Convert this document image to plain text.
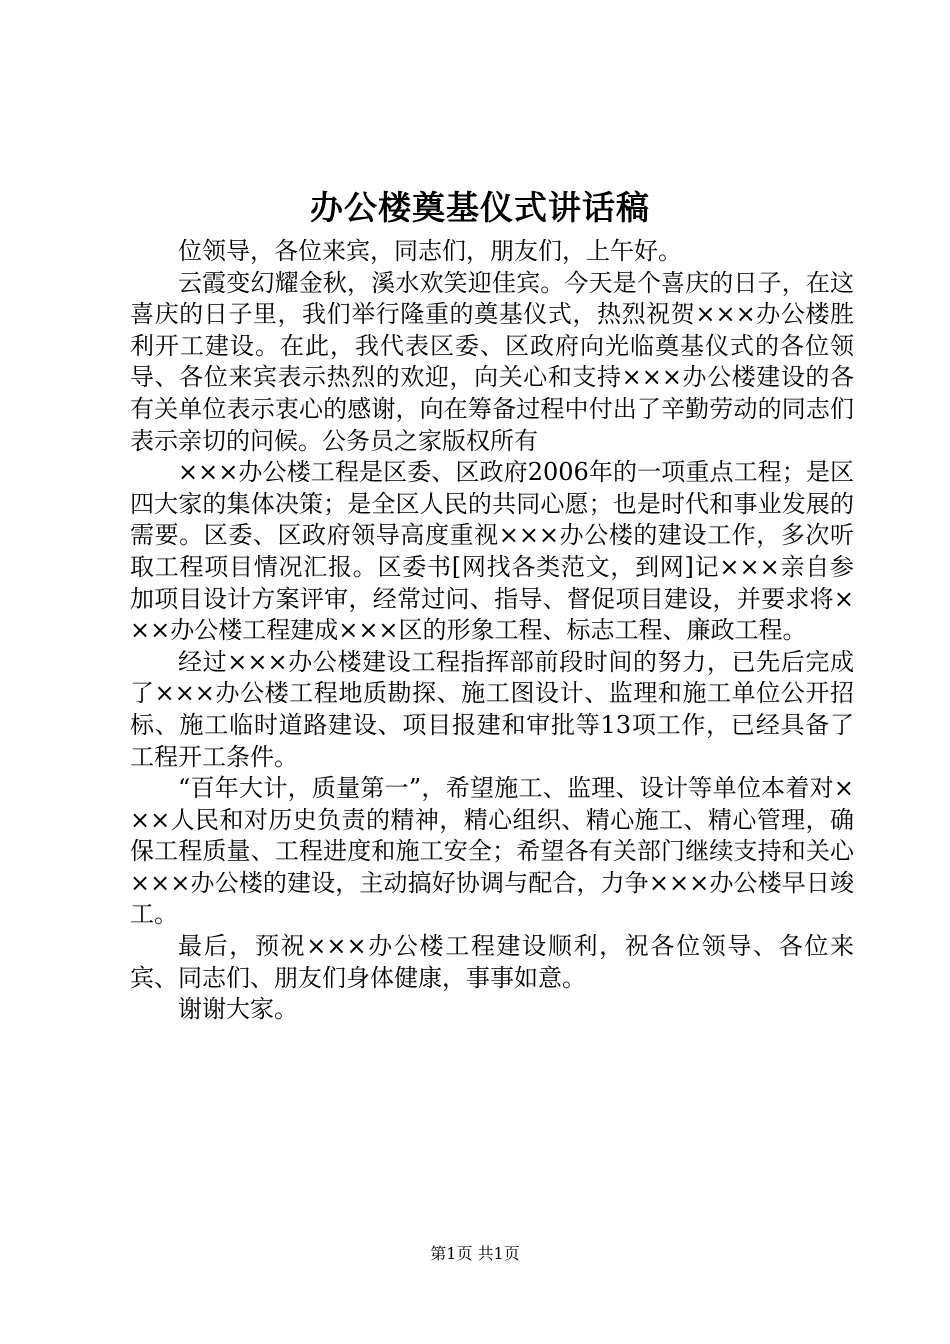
办公楼奠基仪式讲话稿

位领导，各位来宾，同志们，朋友们，上午好。

云霞变幻耀金秋，溪水欢笑迎佳宾。今天是个喜庆的日子，在这喜庆的日子里，我们举行隆重的奠基仪式，热烈祝贺×××办公楼胜利开工建设。在此，我代表区委、区政府向光临奠基仪式的各位领导、各位来宾表示热烈的欢迎，向关心和支持×××办公楼建设的各有关单位表示衷心的感谢，向在筹备过程中付出了辛勤劳动的同志们表示亲切的问候。公务员之家版权所有

×××办公楼工程是区委、区政府2006年的一项重点工程；是区四大家的集体决策；是全区人民的共同心愿；也是时代和事业发展的需要。区委、区政府领导高度重视×××办公楼的建设工作，多次听取工程项目情况汇报。区委书[网找各类范文，到网]记×××亲自参加项目设计方案评审，经常过问、指导、督促项目建设，并要求将×××办公楼工程建成×××区的形象工程、标志工程、廉政工程。

经过×××办公楼建设工程指挥部前段时间的努力，已先后完成了×××办公楼工程地质勘探、施工图设计、监理和施工单位公开招标、施工临时道路建设、项目报建和审批等13项工作，已经具备了工程开工条件。

“百年大计，质量第一”，希望施工、监理、设计等单位本着对×××人民和对历史负责的精神，精心组织、精心施工、精心管理，确保工程质量、工程进度和施工安全；希望各有关部门继续支持和关心×××办公楼的建设，主动搞好协调与配合，力争×××办公楼早日竣工。

最后，预祝×××办公楼工程建设顺利，祝各位领导、各位来宾、同志们、朋友们身体健康，事事如意。

谢谢大家。

第1页 共1页
